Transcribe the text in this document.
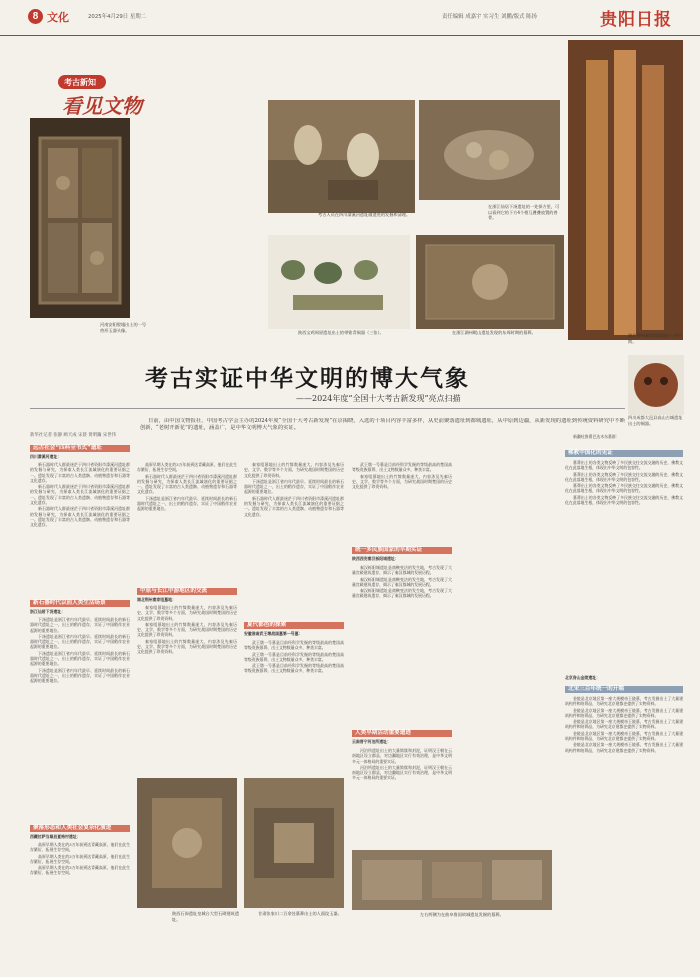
8 文化	2025年4月29日 星期二	责任编辑 成嘉宇 实习生 刘鹏/版式 陈扬	贵阳日报
考古新知
看见文物
河南安阳殷墟出土的一号兽形玉器头像。
考古人员在四川濛溪河遗址做遗迹的发掘和清理。
在浙江仙居下汤遗址的一处探方里，可以看到它的下方4个相互叠叠放置的兽骨。
湖北荆州秦家咀墓地出土的竹简。
陕西宝鸡周原遗址出土的带铭青铜器（三张）。	在浙江湖州毗山遗址发现的东周时期的墓葬。
四川成都大邑县高山古城遗址出土的铜器。
考古实证中华文明的博大气象
——2024年度“全国十大考古新发现”亮点扫描

日前，由中国文物报社、中国考古学会主办的2024年度“全国十大考古新发现”在京揭晓，入选的十项目内容丰富多样，从史前聚落遗址到都城遗址，从中原到边疆，从新发现的遗址到传统资料研究中不断创新，“老树开新花”的遗址，涵盖广，是中华文明博大气象的实证。

新华社记者 张静 顾天成 宋晨 黄明瀚 宋世伟
远古社会“四科全书式”遗址
四川濛溪河遗址：

新石器时代人群最迷茫于四川省资阳市濛溪河遗址群的发掘与研究，为探索人类长江流域演化的重要证据之一。遗址发现了丰富的古人类遗骸、动植物遗存和石器等文化遗存。

新石器时代人群最迷茫于四川省资阳市濛溪河遗址群的发掘与研究，为探索人类长江流域演化的重要证据之一。遗址发现了丰富的古人类遗骸、动植物遗存和石器等文化遗存。

新石器时代人群最迷茫于四川省资阳市濛溪河遗址群的发掘与研究，为探索人类长江流域演化的重要证据之一。遗址发现了丰富的古人类遗骸、动植物遗存和石器等文化遗存。

新石器时代以前人类生活场景
浙江仙居下汤遗址：

下汤遗址是浙江省内年代最早、延续时间最长的新石器时代遗址之一，出土的稻作遗存，实证了中国稻作农业起源的重要地位。

下汤遗址是浙江省内年代最早、延续时间最长的新石器时代遗址之一，出土的稻作遗存，实证了中国稻作农业起源的重要地位。

下汤遗址是浙江省内年代最早、延续时间最长的新石器时代遗址之一，出土的稻作遗存，实证了中国稻作农业起源的重要地位。

下汤遗址是浙江省内年代最早、延续时间最长的新石器时代遗址之一，出土的稻作遗存，实证了中国稻作农业起源的重要地位。

聚落形态和人类社会复杂化演进
西藏拉萨当雄县夏格村遗址：

高原早期人类在约3万年前到达青藏高原，他们在此生存繁衍，拓展生存空间。

高原早期人类在约3万年前到达青藏高原，他们在此生存繁衍，拓展生存空间。

高原早期人类在约3万年前到达青藏高原，他们在此生存繁衍，拓展生存空间。

高原早期人类在约3万年前到达青藏高原，他们在此生存繁衍，拓展生存空间。

新石器时代人群最迷茫于四川省资阳市濛溪河遗址群的发掘与研究，为探索人类长江流域演化的重要证据之一。遗址发现了丰富的古人类遗骸、动植物遗存和石器等文化遗存。

下汤遗址是浙江省内年代最早、延续时间最长的新石器时代遗址之一，出土的稻作遗存，实证了中国稻作农业起源的重要地位。

中原与长江中游地区的交流
湖北荆州秦家咀墓地：

秦家咀墓地出土的竹简数量庞大，内容涉及先秦历史、文学、数学等多个方面，为研究战国时期楚国的历史文化提供了珍贵资料。

秦家咀墓地出土的竹简数量庞大，内容涉及先秦历史、文学、数学等多个方面，为研究战国时期楚国的历史文化提供了珍贵资料。

秦家咀墓地出土的竹简数量庞大，内容涉及先秦历史、文学、数学等多个方面，为研究战国时期楚国的历史文化提供了珍贵资料。

秦家咀墓地出土的竹简数量庞大，内容涉及先秦历史、文学、数学等多个方面，为研究战国时期楚国的历史文化提供了珍贵资料。

下汤遗址是浙江省内年代最早、延续时间最长的新石器时代遗址之一，出土的稻作遗存，实证了中国稻作农业起源的重要地位。

新石器时代人群最迷茫于四川省资阳市濛溪河遗址群的发掘与研究，为探索人类长江流域演化的重要证据之一。遗址发现了丰富的古人类遗骸、动植物遗存和石器等文化遗存。

夏代都邑的探索
安徽淮南武王墩战国墓第一号墓：

武王墩一号墓是目前经科学发掘的等级最高的楚国高等级贵族墓葬，出土文物数量众多，种类丰富。

武王墩一号墓是目前经科学发掘的等级最高的楚国高等级贵族墓葬，出土文物数量众多，种类丰富。

武王墩一号墓是目前经科学发掘的等级最高的楚国高等级贵族墓葬，出土文物数量众多，种类丰富。

武王墩一号墓是目前经科学发掘的等级最高的楚国高等级贵族墓葬，出土文物数量众多，种类丰富。

秦家咀墓地出土的竹简数量庞大，内容涉及先秦历史、文学、数学等多个方面，为研究战国时期楚国的历史文化提供了珍贵资料。

统一多民族国家的早期实证
陕西西安秦汉栎阳城遗址：

秦汉栎阳城遗址是商鞅变法的发生地，考古发现了大量宫殿建筑遗存，揭示了秦汉都城的发展历程。

秦汉栎阳城遗址是商鞅变法的发生地，考古发现了大量宫殿建筑遗存，揭示了秦汉都城的发展历程。

秦汉栎阳城遗址是商鞅变法的发生地，考古发现了大量宫殿建筑遗存，揭示了秦汉都城的发展历程。

人类早期活动重要遗迹
云南晋宁河泊所遗址：

河泊所遗址出土的大量简牍和封泥，证明汉王朝在云南地区设立郡县，对边疆地区实行有效治理，是中华文明多元一体格局的重要实证。

河泊所遗址出土的大量简牍和封泥，证明汉王朝在云南地区设立郡县，对边疆地区实行有效治理，是中华文明多元一体格局的重要实证。

新疆吐鲁番巴达木东墓群：

佛教中国化的见证

墓葬出土的各类文物反映了多民族交往交流交融的历史，佛教文化在此落地生根，体现出中华文明的包容性。

墓葬出土的各类文物反映了多民族交往交流交融的历史，佛教文化在此落地生根，体现出中华文明的包容性。

墓葬出土的各类文物反映了多民族交往交流交融的历史，佛教文化在此落地生根，体现出中华文明的包容性。

墓葬出土的各类文物反映了多民族交往交流交融的历史，佛教文化在此落地生根，体现出中华文明的包容性。

北京房山金陵遗址：
北宋三百年统一的开端

金陵是北京地区第一座大规模帝王陵墓，考古发掘出土了大量建筑构件和陪葬品，为研究北京建都史提供了实物资料。

金陵是北京地区第一座大规模帝王陵墓，考古发掘出土了大量建筑构件和陪葬品，为研究北京建都史提供了实物资料。

金陵是北京地区第一座大规模帝王陵墓，考古发掘出土了大量建筑构件和陪葬品，为研究北京建都史提供了实物资料。

金陵是北京地区第一座大规模帝王陵墓，考古发掘出土了大量建筑构件和陪葬品，为研究北京建都史提供了实物资料。

金陵是北京地区第一座大规模帝王陵墓，考古发掘出土了大量建筑构件和陪葬品，为研究北京建都史提供了实物资料。

陕西石峁遗址皇城台大型石砌建筑遗址。
甘肃张家川二百余处墓葬出土的人面纹玉器。	左右两侧为在曲阜鲁国故城遗址发掘的墓葬。
